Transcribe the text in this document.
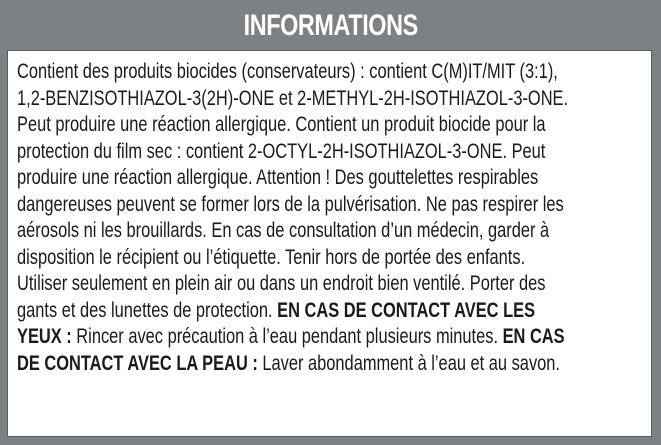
INFORMATIONS
Contient des produits biocides (conservateurs) : contient C(M)IT/MIT (3:1),
1,2-BENZISOTHIAZOL-3(2H)-ONE et 2-METHYL-2H-ISOTHIAZOL-3-ONE.
Peut produire une réaction allergique. Contient un produit biocide pour la
protection du film sec : contient 2-OCTYL-2H-ISOTHIAZOL-3-ONE. Peut
produire une réaction allergique. Attention ! Des gouttelettes respirables
dangereuses peuvent se former lors de la pulvérisation. Ne pas respirer les
aérosols ni les brouillards. En cas de consultation d’un médecin, garder à
disposition le récipient ou l’étiquette. Tenir hors de portée des enfants.
Utiliser seulement en plein air ou dans un endroit bien ventilé. Porter des
gants et des lunettes de protection. EN CAS DE CONTACT AVEC LES
YEUX : Rincer avec précaution à l’eau pendant plusieurs minutes. EN CAS
DE CONTACT AVEC LA PEAU : Laver abondamment à l’eau et au savon.
